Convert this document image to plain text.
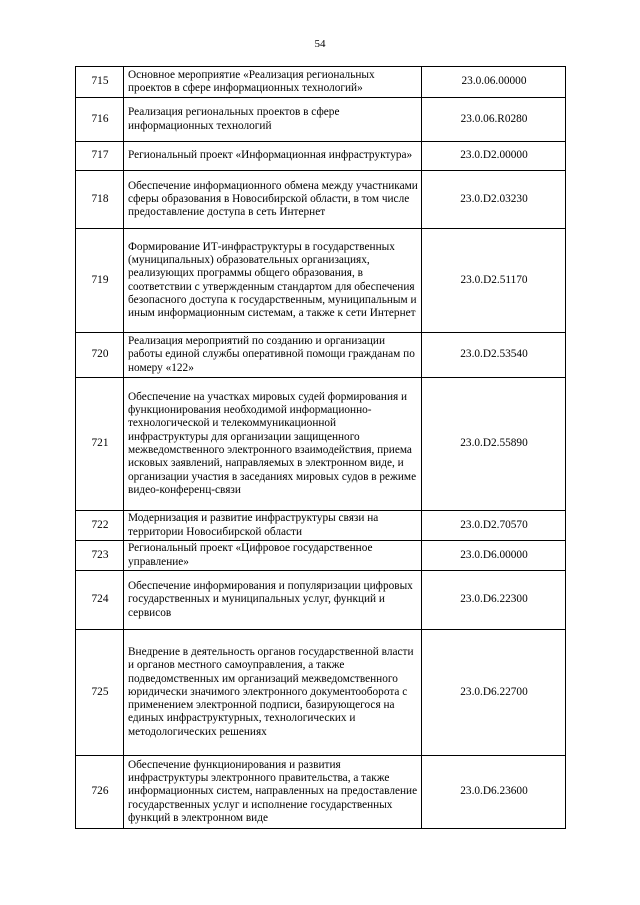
54
715	Основное мероприятие «Реализация региональных проектов в сфере информационных технологий»	23.0.06.00000
716	Реализация региональных проектов в сфере информационных технологий	23.0.06.R0280
717	Региональный проект «Информационная инфраструктура»	23.0.D2.00000
718	Обеспечение информационного обмена между участниками сферы образования в Новосибирской области, в том числе предоставление доступа в сеть Интернет	23.0.D2.03230
719	Формирование ИТ-инфраструктуры в государственных (муниципальных) образовательных организациях, реализующих программы общего образования, в соответствии с утвержденным стандартом для обеспечения безопасного доступа к государственным, муниципальным и иным информационным системам, а также к сети Интернет	23.0.D2.51170
720	Реализация мероприятий по созданию и организации работы единой службы оперативной помощи гражданам по номеру «122»	23.0.D2.53540
721	Обеспечение на участках мировых судей формирования и функционирования необходимой информационно-технологической и телекоммуникационной инфраструктуры для организации защищенного межведомственного электронного взаимодействия, приема исковых заявлений, направляемых в электронном виде, и организации участия в заседаниях мировых судов в режиме видео-конференц-связи	23.0.D2.55890
722	Модернизация и развитие инфраструктуры связи на территории Новосибирской области	23.0.D2.70570
723	Региональный проект «Цифровое государственное управление»	23.0.D6.00000
724	Обеспечение информирования и популяризации цифровых государственных и муниципальных услуг, функций и сервисов	23.0.D6.22300
725	Внедрение в деятельность органов государственной власти и органов местного самоуправления, а также подведомственных им организаций межведомственного юридически значимого электронного документооборота с применением электронной подписи, базирующегося на единых инфраструктурных, технологических и методологических решениях	23.0.D6.22700
726	Обеспечение функционирования и развития инфраструктуры электронного правительства, а также информационных систем, направленных на предоставление государственных услуг и исполнение государственных функций в электронном виде	23.0.D6.23600
